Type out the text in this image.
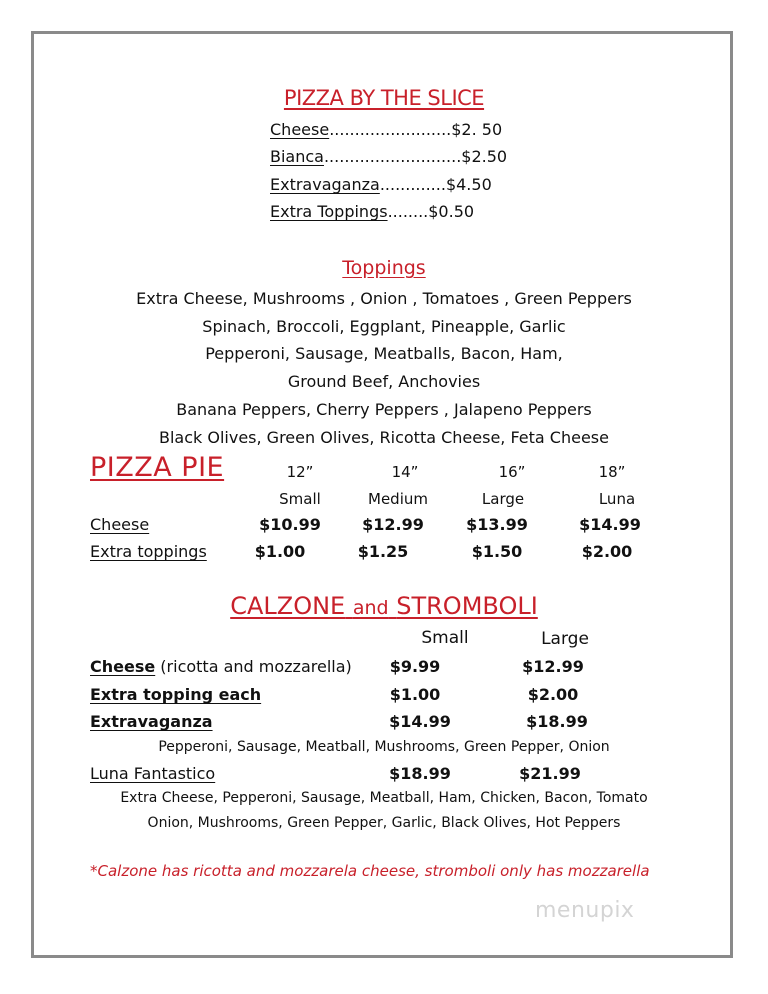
PIZZA BY THE SLICE
Cheese........................$2. 50
Bianca...........................$2.50
Extravaganza.............$4.50
Extra Toppings........$0.50
Toppings
Extra Cheese, Mushrooms , Onion , Tomatoes , Green Peppers
Spinach, Broccoli, Eggplant, Pineapple, Garlic
Pepperoni, Sausage, Meatballs, Bacon, Ham,
Ground Beef, Anchovies
Banana Peppers, Cherry Peppers , Jalapeno Peppers
Black Olives, Green Olives, Ricotta Cheese, Feta Cheese
PIZZA PIE	12”	14”	16”	18”
Small	Medium	Large	Luna
Cheese	$10.99	$12.99	$13.99	$14.99
Extra toppings	$1.00	$1.25	$1.50	$2.00
CALZONE and STROMBOLI
Small	Large
Cheese (ricotta and mozzarella)	$9.99	$12.99
Extra topping each	$1.00	$2.00
Extravaganza	$14.99	$18.99
Pepperoni, Sausage, Meatball, Mushrooms, Green Pepper, Onion
Luna Fantastico	$18.99	$21.99
Extra Cheese, Pepperoni, Sausage, Meatball, Ham, Chicken, Bacon, Tomato
Onion, Mushrooms, Green Pepper, Garlic, Black Olives, Hot Peppers
*Calzone has ricotta and mozzarela cheese, stromboli only has mozzarella
menupix
